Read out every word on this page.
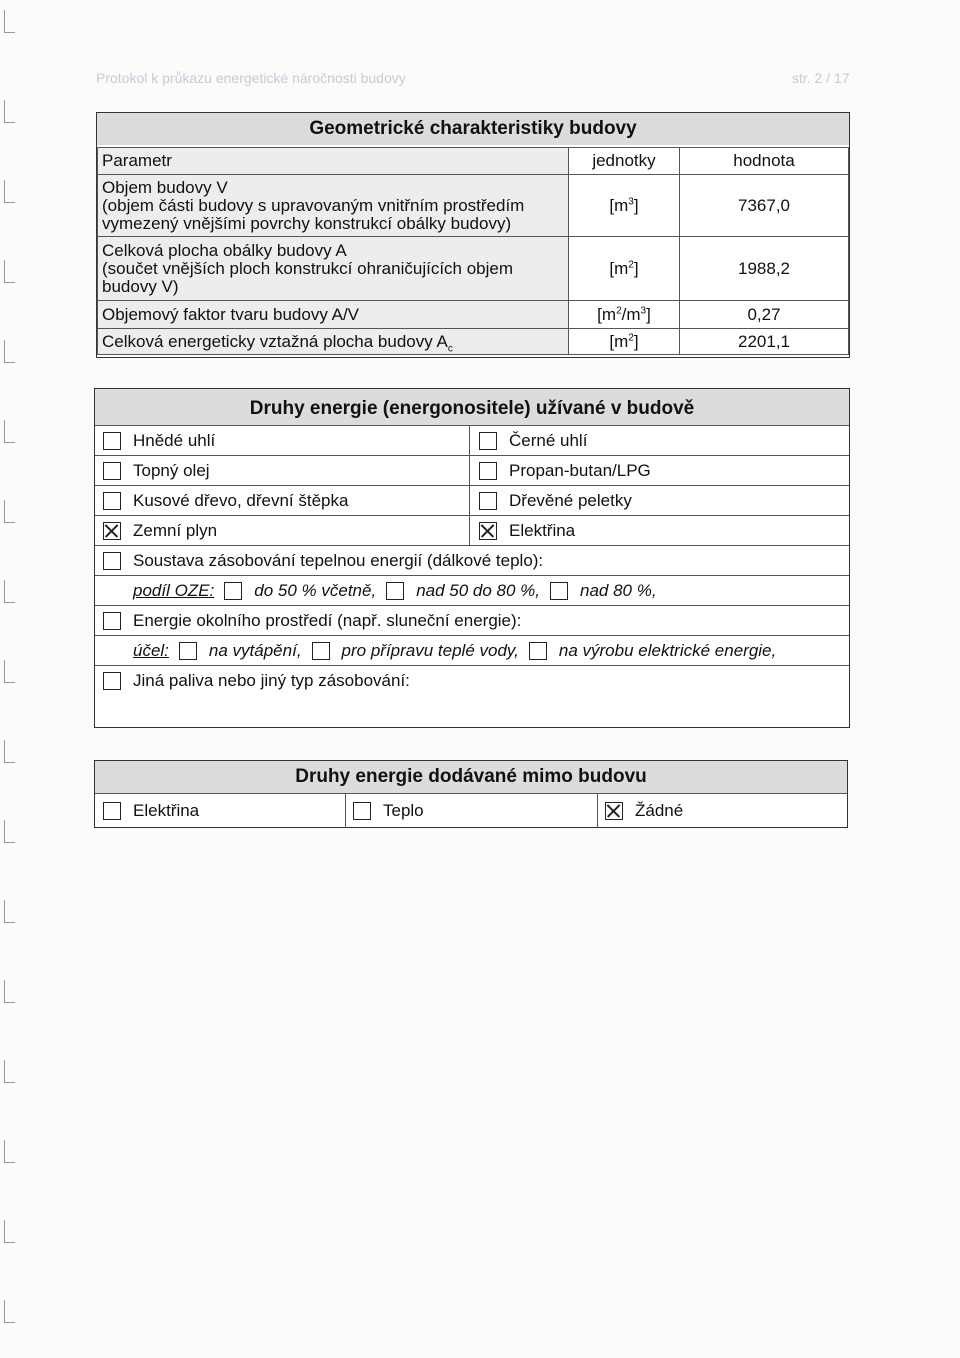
Protokol k průkazu energetické náročnosti budovy	str. 2 / 17
Geometrické charakteristiky budovy
Parametr	jednotky	hodnota

Objem budovy V
(objem části budovy s upravovaným vnitřním prostředím vymezený vnějšími povrchy konstrukcí obálky budovy)	$[m^3]$	7367,0

Celková plocha obálky budovy A
(součet vnějších ploch konstrukcí ohraničujících objem budovy V)	$[m^2]$	1988,2
Objemový faktor tvaru budovy A/V	$[m^2/m^3]$	0,27
Celková energeticky vztažná plocha budovy $A_c$	$[m^2]$	2201,1
Druhy energie (energonositele) užívané v budově
Hnědé uhlí	Černé uhlí
Topný olej	Propan-butan/LPG
Kusové dřevo, dřevní štěpka	Dřevěné peletky
Zemní plyn	Elektřina
Soustava zásobování tepelnou energií (dálkové teplo):
podíl OZE: do 50 % včetně, nad 50 do 80 %, nad 80 %,
Energie okolního prostředí (např. sluneční energie):
účel: na vytápění, pro přípravu teplé vody, na výrobu elektrické energie,
Jiná paliva nebo jiný typ zásobování:
Druhy energie dodávané mimo budovu
Elektřina	Teplo	Žádné
